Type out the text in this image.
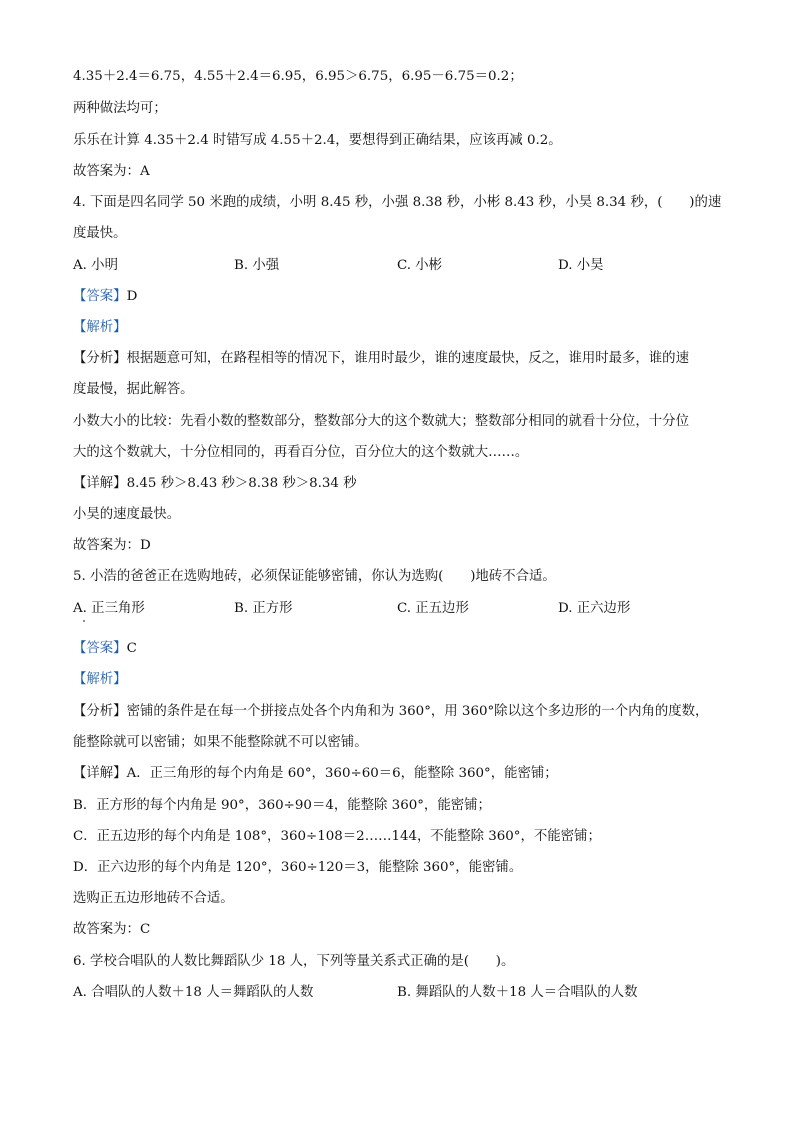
4.35＋2.4＝6.75，4.55＋2.4＝6.95，6.95＞6.75，6.95－6.75＝0.2；
两种做法均可；
乐乐在计算 4.35＋2.4 时错写成 4.55＋2.4，要想得到正确结果，应该再减 0.2。
故答案为：A
4. 下面是四名同学 50 米跑的成绩，小明 8.45 秒，小强 8.38 秒，小彬 8.43 秒，小昊 8.34 秒，(　　)的速
度最快。
A. 小明	B. 小强	C. 小彬	D. 小昊
【答案】D
【解析】
【分析】根据题意可知，在路程相等的情况下，谁用时最少，谁的速度最快，反之，谁用时最多，谁的速
度最慢，据此解答。
小数大小的比较：先看小数的整数部分，整数部分大的这个数就大；整数部分相同的就看十分位，十分位
大的这个数就大，十分位相同的，再看百分位，百分位大的这个数就大……。
【详解】8.45 秒＞8.43 秒＞8.38 秒＞8.34 秒
小昊的速度最快。
故答案为：D
5. 小浩的爸爸正在选购地砖，必须保证能够密铺，你认为选购(　　)地砖不合适。
A. 正三角形	B. 正方形	C. 正五边形	D. 正六边形
【答案】C
【解析】
【分析】密铺的条件是在每一个拼接点处各个内角和为 360°，用 360°除以这个多边形的一个内角的度数，
能整除就可以密铺；如果不能整除就不可以密铺。
【详解】A．正三角形的每个内角是 60°，360÷60＝6，能整除 360°，能密铺；
B．正方形的每个内角是 90°，360÷90＝4，能整除 360°，能密铺；
C．正五边形的每个内角是 108°，360÷108＝2……144，不能整除 360°，不能密铺；
D．正六边形的每个内角是 120°，360÷120＝3，能整除 360°，能密铺。
选购正五边形地砖不合适。
故答案为：C
6. 学校合唱队的人数比舞蹈队少 18 人，下列等量关系式正确的是(　　)。
A. 合唱队的人数＋18 人＝舞蹈队的人数	B. 舞蹈队的人数＋18 人＝合唱队的人数
